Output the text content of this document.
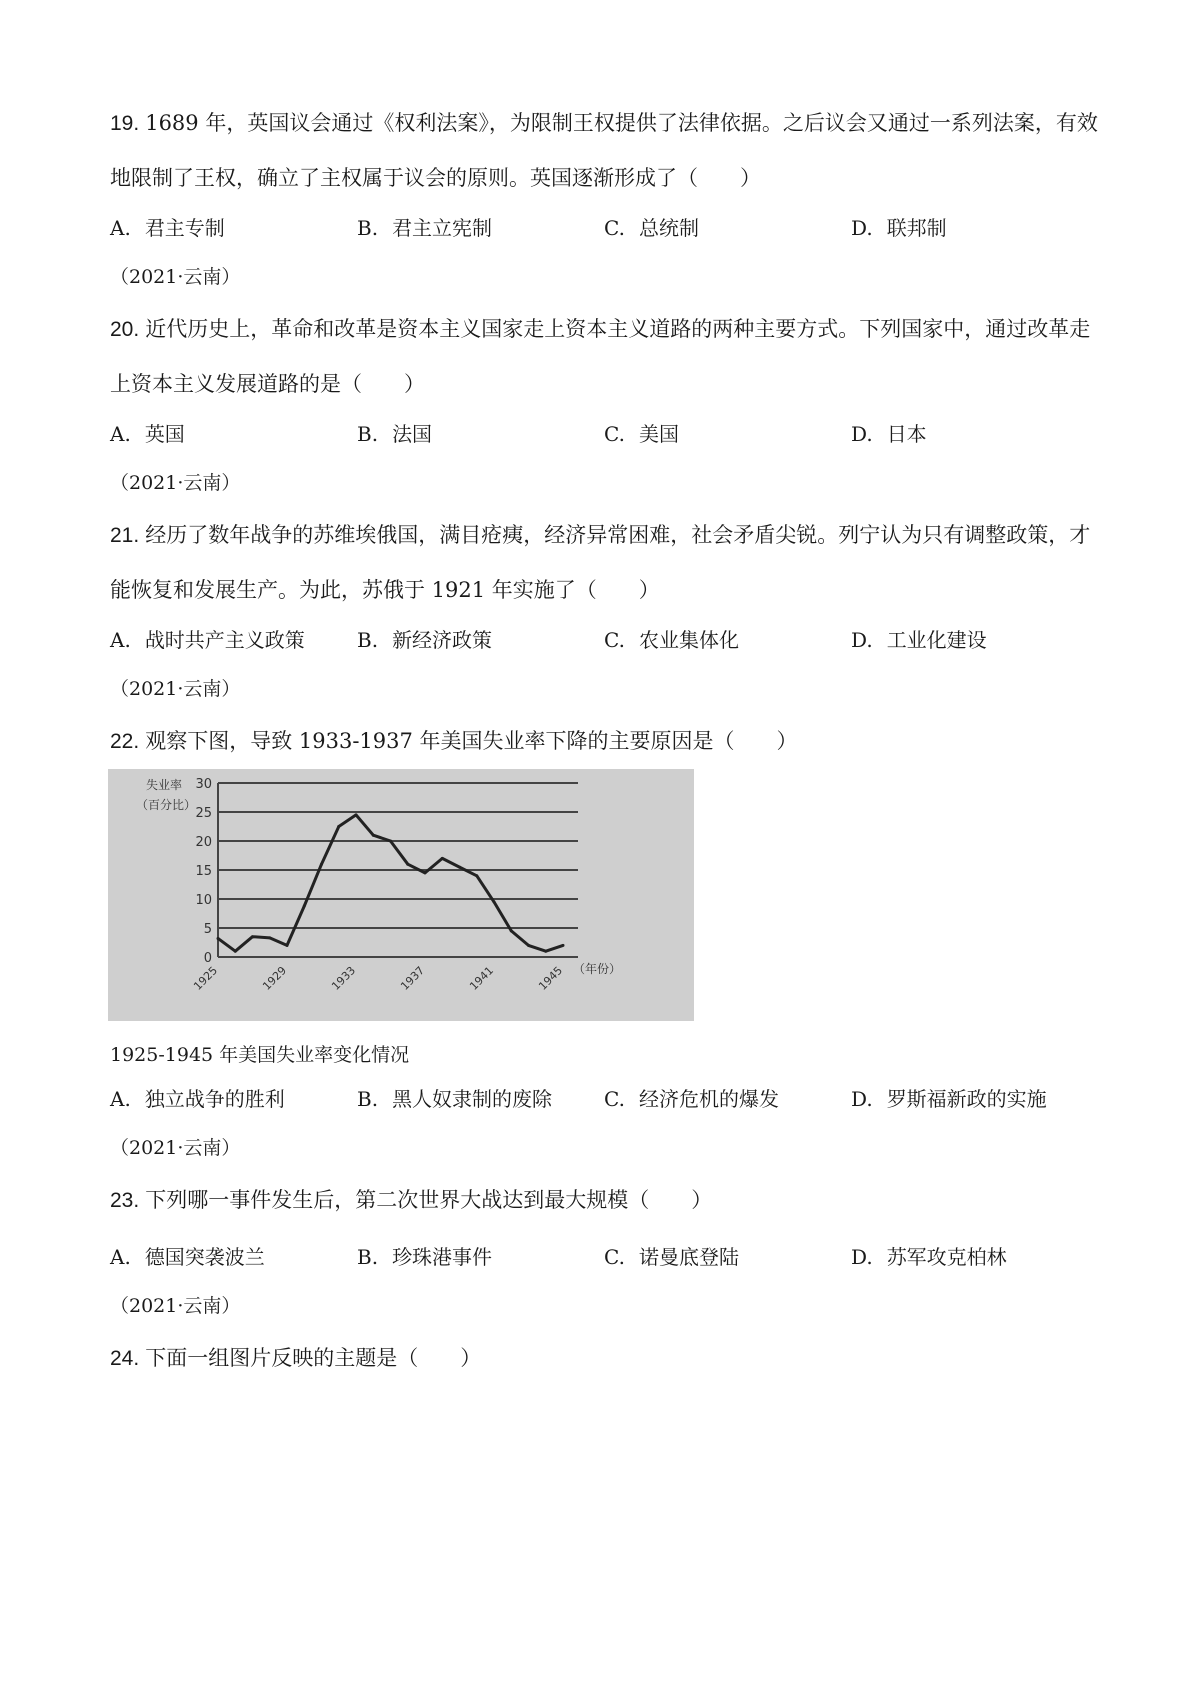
19. 1689 年，英国议会通过《权利法案》，为限制王权提供了法律依据。之后议会又通过一系列法案，有效
地限制了王权，确立了主权属于议会的原则。英国逐渐形成了（　　）
A. 君主专制	B. 君主立宪制	C. 总统制	D. 联邦制
（2021·云南）
20. 近代历史上，革命和改革是资本主义国家走上资本主义道路的两种主要方式。下列国家中，通过改革走
上资本主义发展道路的是（　　）
A. 英国	B. 法国	C. 美国	D. 日本
（2021·云南）
21. 经历了数年战争的苏维埃俄国，满目疮痍，经济异常困难，社会矛盾尖锐。列宁认为只有调整政策，才
能恢复和发展生产。为此，苏俄于 1921 年实施了（　　）
A. 战时共产主义政策	B. 新经济政策	C. 农业集体化	D. 工业化建设
（2021·云南）
22. 观察下图，导致 1933-1937 年美国失业率下降的主要原因是（　　）
0
5
10
15
20
25
30
失业率
（百分比）
1925	1929	1933	1937	1941	1945 （年份）
1925-1945 年美国失业率变化情况
A. 独立战争的胜利	B. 黑人奴隶制的废除	C. 经济危机的爆发	D. 罗斯福新政的实施
（2021·云南）
23. 下列哪一事件发生后，第二次世界大战达到最大规模（　　）
A. 德国突袭波兰	B. 珍珠港事件	C. 诺曼底登陆	D. 苏军攻克柏林
（2021·云南）
24. 下面一组图片反映的主题是（　　）
